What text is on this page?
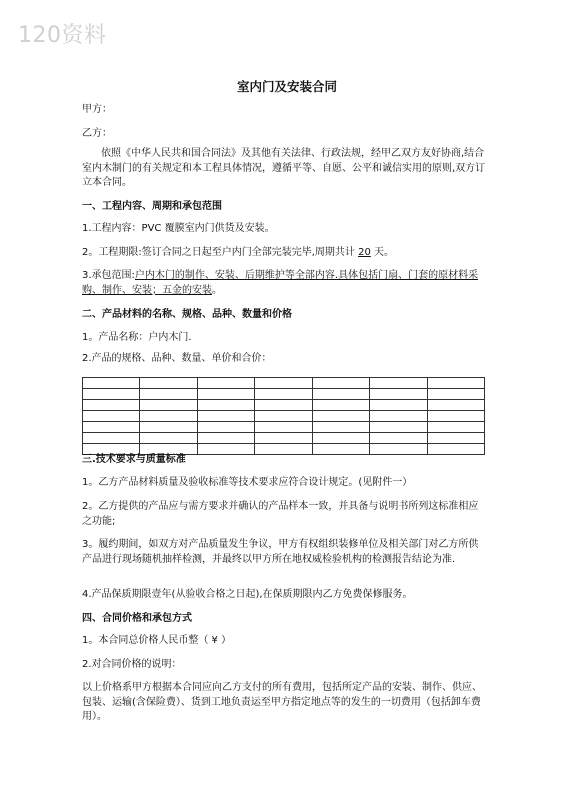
120资料
室内门及安装合同
甲方：
乙方：
依照《中华人民共和国合同法》及其他有关法律、行政法规，经甲乙双方友好协商,结合室内木制门的有关规定和本工程具体情况，遵循平等、自愿、公平和诚信实用的原则,双方订立本合同。
一、工程内容、周期和承包范围
1.工程内容：PVC 覆膜室内门供货及安装。
2。工程期限:签订合同之日起至户内门全部完装完毕,周期共计 20 天。
3.承包范围:户内木门的制作、安装、后期维护等全部内容.具体包括门扇、门套的原材料采购、制作、安装；五金的安装。
二、产品材料的名称、规格、品种、数量和价格
1。产品名称：户内木门.
2.产品的规格、品种、数量、单价和合价：

三.技术要求与质量标准
1。乙方产品材料质量及验收标准等技术要求应符合设计规定。(见附件一）
2。乙方提供的产品应与需方要求并确认的产品样本一致，并具备与说明书所列这标准相应之功能;
3。履约期间，如双方对产品质量发生争议，甲方有权组织装修单位及相关部门对乙方所供产品进行现场随机抽样检测，并最终以甲方所在地权威检验机构的检测报告结论为准.
4.产品保质期限壹年(从验收合格之日起),在保质期限内乙方免费保修服务。
四、合同价格和承包方式
1。本合同总价格人民币整（ ¥ ）
2.对合同价格的说明：
以上价格系甲方根据本合同应向乙方支付的所有费用，包括所定产品的安装、制作、供应、包装、运输(含保险费）、货到工地负责运至甲方指定地点等的发生的一切费用（包括卸车费用）。
